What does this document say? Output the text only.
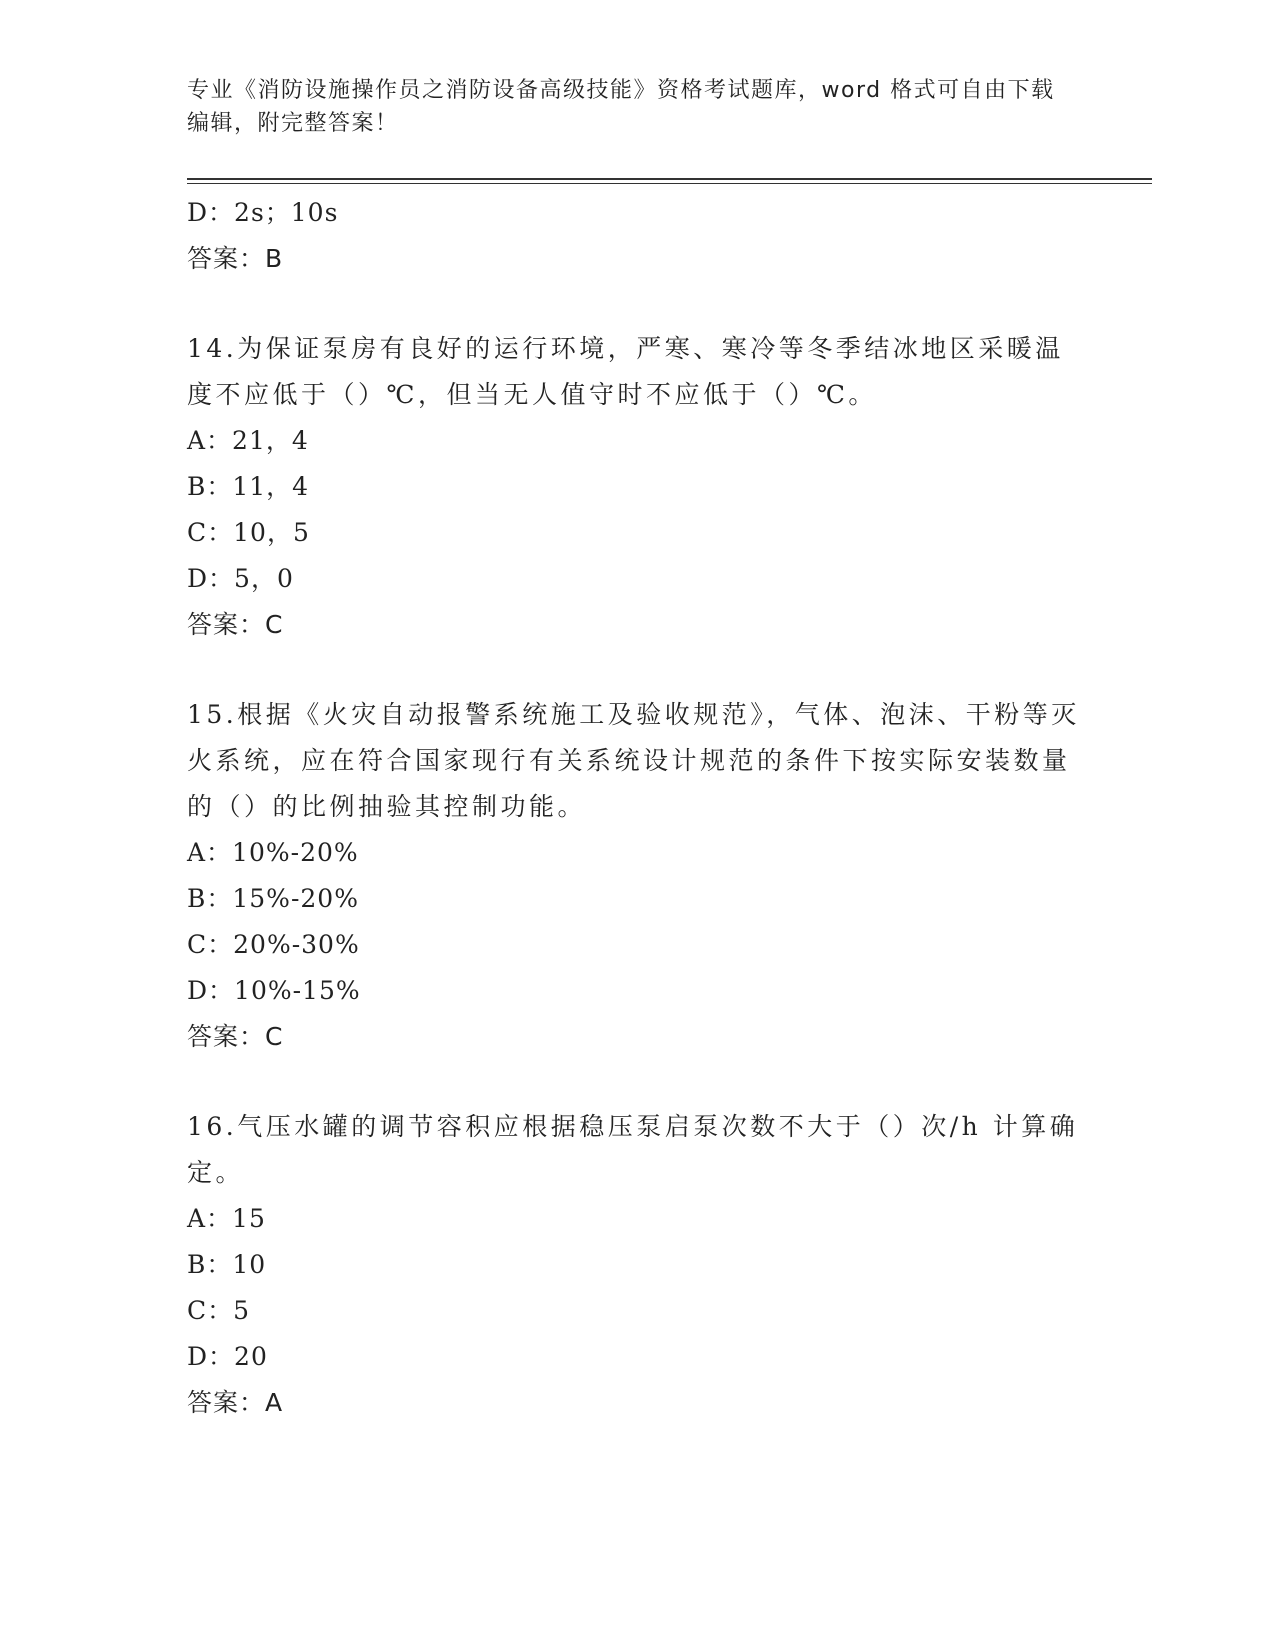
专业《消防设施操作员之消防设备高级技能》资格考试题库，word 格式可自由下载编辑，附完整答案！
D：2s；10s
答案：B
14.为保证泵房有良好的运行环境，严寒、寒冷等冬季结冰地区采暖温度不应低于（）℃，但当无人值守时不应低于（）℃。
A：21，4
B：11，4
C：10，5
D：5，0
答案：C
15.根据《火灾自动报警系统施工及验收规范》，气体、泡沫、干粉等灭火系统，应在符合国家现行有关系统设计规范的条件下按实际安装数量的（）的比例抽验其控制功能。
A：10%-20%
B：15%-20%
C：20%-30%
D：10%-15%
答案：C
16.气压水罐的调节容积应根据稳压泵启泵次数不大于（）次/h 计算确定。
A：15
B：10
C：5
D：20
答案：A
